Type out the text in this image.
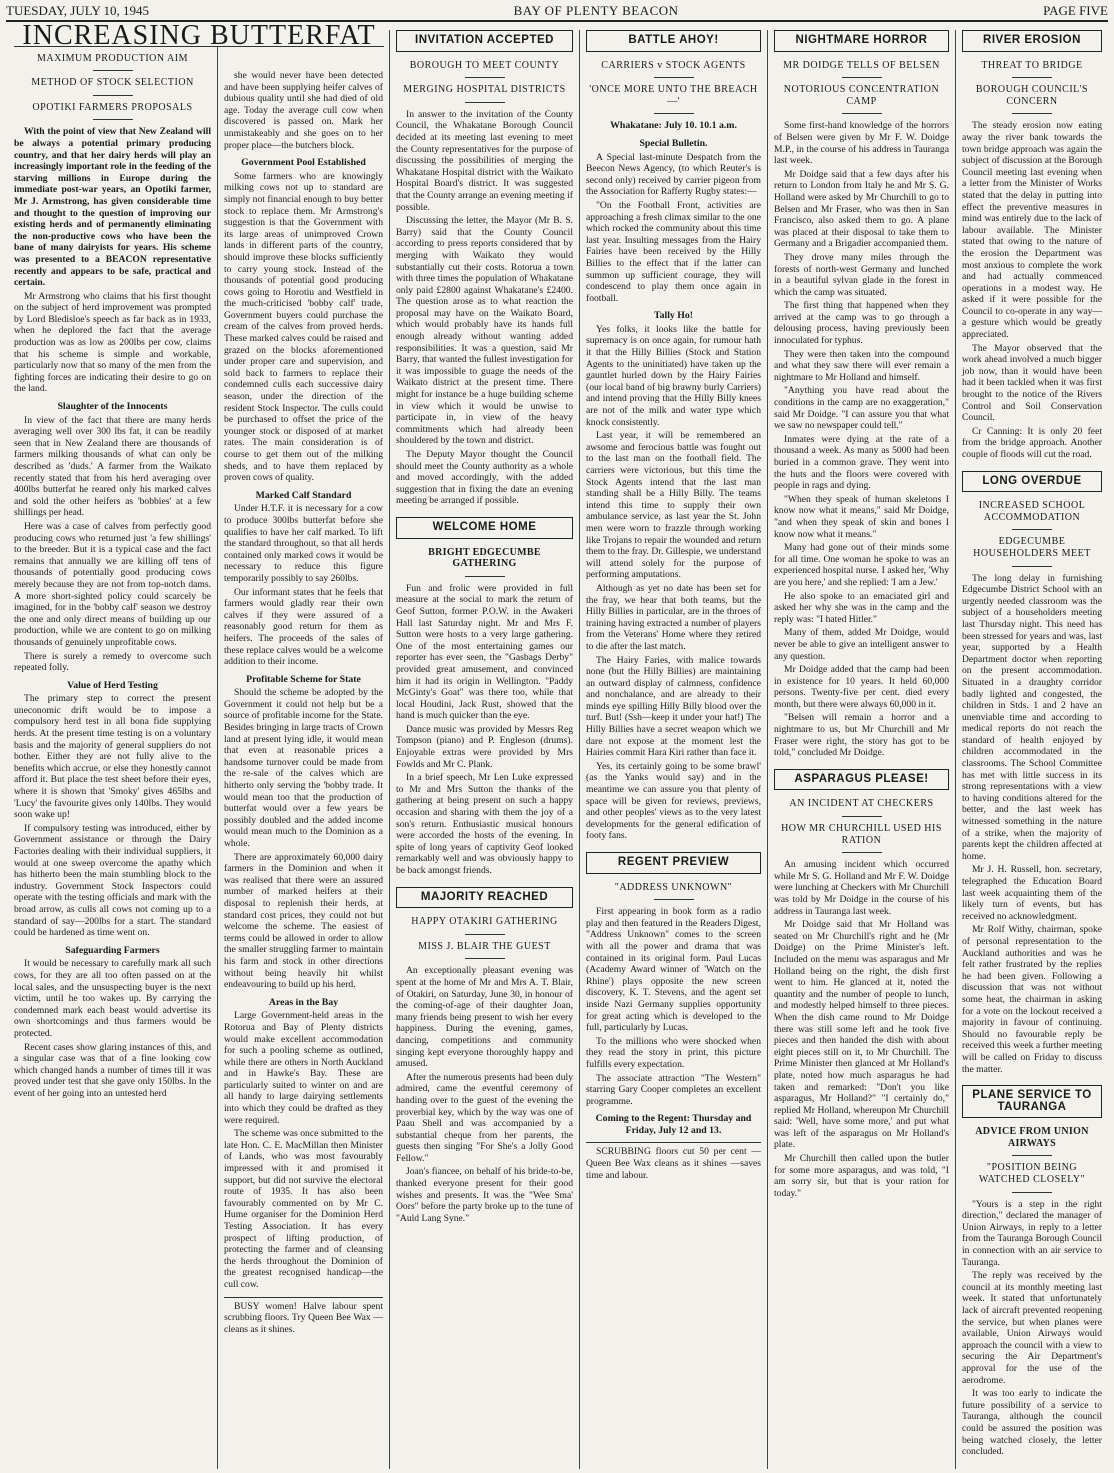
TUESDAY, JULY 10, 1945	BAY OF PLENTY BEACON	PAGE FIVE
INCREASING BUTTERFAT
MAXIMUM PRODUCTION AIM
METHOD OF STOCK SELECTION
OPOTIKI FARMERS PROPOSALS

With the point of view that New Zealand will be always a potential primary producing country, and that her dairy herds will play an increasingly important role in the feeding of the starving millions in Europe during the immediate post-war years, an Opotiki farmer, Mr J. Armstrong, has given considerable time and thought to the question of improving our existing herds and of permanently eliminating the non-productive cows who have been the bane of many dairyists for years. His scheme was presented to a BEACON representative recently and appears to be safe, practical and certain.

Mr Armstrong who claims that his first thought on the subject of herd improvement was prompted by Lord Bledisloe's speech as far back as in 1933, when he deplored the fact that the average production was as low as 200lbs per cow, claims that his scheme is simple and workable, particularly now that so many of the men from the fighting forces are indicating their desire to go on the land.

Slaughter of the Innocents

In view of the fact that there are many herds averaging well over 300 lbs fat, it can be readily seen that in New Zealand there are thousands of farmers milking thousands of what can only be described as 'duds.' A farmer from the Waikato recently stated that from his herd averaging over 400lbs butterfat he reared only his marked calves and sold the other heifers as 'bobbies' at a few shillings per head.

Here was a case of calves from perfectly good producing cows who returned just 'a few shillings' to the breeder. But it is a typical case and the fact remains that annually we are killing off tens of thousands of potentially good producing cows merely because they are not from top-notch dams. A more short-sighted policy could scarcely be imagined, for in the 'bobby calf' season we destroy the one and only direct means of building up our production, while we are content to go on milking thousands of genuinely unprofitable cows.

There is surely a remedy to overcome such repeated folly.

Value of Herd Testing

The primary step to correct the present uneconomic drift would be to impose a compulsory herd test in all bona fide supplying herds. At the present time testing is on a voluntary basis and the majority of general suppliers do not bother. Either they are not fully alive to the benefits which accrue, or else they honestly cannot afford it. But place the test sheet before their eyes, where it is shown that 'Smoky' gives 465lbs and 'Lucy' the favourite gives only 140lbs. They would soon wake up!

If compulsory testing was introduced, either by Government assistance or through the Dairy Factories dealing with their individual suppliers, it would at one sweep overcome the apathy which has hitherto been the main stumbling block to the industry. Government Stock Inspectors could operate with the testing officials and mark with the broad arrow, as culls all cows not coming up to a standard of say—200lbs for a start. The standard could be hardened as time went on.

Safeguarding Farmers

It would be necessary to carefully mark all such cows, for they are all too often passed on at the local sales, and the unsuspecting buyer is the next victim, until he too wakes up. By carrying the condemned mark each beast would advertise its own shortcomings and thus farmers would be protected.

Recent cases show glaring instances of this, and a singular case was that of a fine looking cow which changed hands a number of times till it was proved under test that she gave only 150lbs. In the event of her going into an untested herd

she would never have been detected and have been supplying heifer calves of dubious quality until she had died of old age. Today the average cull cow when discovered is passed on. Mark her unmistakeably and she goes on to her proper place—the butchers block.

Government Pool Established

Some farmers who are knowingly milking cows not up to standard are simply not financial enough to buy better stock to replace them. Mr Armstrong's suggestion is that the Government with its large areas of unimproved Crown lands in different parts of the country, should improve these blocks sufficiently to carry young stock. Instead of the thousands of potential good producing cows going to Horotiu and Westfield in the much-criticised 'bobby calf' trade, Government buyers could purchase the cream of the calves from proved herds. These marked calves could be raised and grazed on the blocks aforementioned under proper care and supervision, and sold back to farmers to replace their condemned culls each successive dairy season, under the direction of the resident Stock Inspector. The culls could be purchased to offset the price of the younger stock or disposed of at market rates. The main consideration is of course to get them out of the milking sheds, and to have them replaced by proven cows of quality.

Marked Calf Standard

Under H.T.F. it is necessary for a cow to produce 300lbs butterfat before she qualifies to have her calf marked. To lift the standard throughout, so that all herds contained only marked cows it would be necessary to reduce this figure temporarily possibly to say 260lbs.

Our informant states that he feels that farmers would gladly rear their own calves if they were assured of a reasonably good return for them as heifers. The proceeds of the sales of these replace calves would be a welcome addition to their income.

Profitable Scheme for State

Should the scheme be adopted by the Government it could not help but be a source of profitable income for the State. Besides bringing in large tracts of Crown land at present lying idle, it would mean that even at reasonable prices a handsome turnover could be made from the re-sale of the calves which are hitherto only serving the 'bobby trade. It would mean too that the production of butterfat would over a few years be possibly doubled and the added income would mean much to the Dominion as a whole.

There are approximately 60,000 dairy farmers in the Dominion and when it was realised that there were an assured number of marked heifers at their disposal to replenish their herds, at standard cost prices, they could not but welcome the scheme. The easiest of terms could be allowed in order to allow the smaller struggling farmer to maintain his farm and stock in other directions without being heavily hit whilst endeavouring to build up his herd.

Areas in the Bay

Large Government-held areas in the Rotorua and Bay of Plenty districts would make excellent accommodation for such a pooling scheme as outlined, while there are others in North Auckland and in Hawke's Bay. These are particularly suited to winter on and are all handy to large dairying settlements into which they could be drafted as they were required.

The scheme was once submitted to the late Hon. C. E. MacMillan then Minister of Lands, who was most favourably impressed with it and promised it support, but did not survive the electoral route of 1935. It has also been favourably commented on by Mr C. Hume organiser for the Dominion Herd Testing Association. It has every prospect of lifting production, of protecting the farmer and of cleansing the herds throughout the Dominion of the greatest recognised handicap—the cull cow.

BUSY women! Halve labour spent scrubbing floors. Try Queen Bee Wax —cleans as it shines.

INVITATION ACCEPTED
BOROUGH TO MEET COUNTY
MERGING HOSPITAL DISTRICTS

In answer to the invitation of the County Council, the Whakatane Borough Council decided at its meeting last evening to meet the County representatives for the purpose of discussing the possibilities of merging the Whakatane Hospital district with the Waikato Hospital Board's district. It was suggested that the County arrange an evening meeting if possible.

Discussing the letter, the Mayor (Mr B. S. Barry) said that the County Council according to press reports considered that by merging with Waikato they would substantially cut their costs. Rotorua a town with three times the population of Whakatane only paid £2800 against Whakatane's £2400. The question arose as to what reaction the proposal may have on the Waikato Board, which would probably have its hands full enough already without wanting added responsibilities. It was a question, said Mr Barry, that wanted the fullest investigation for it was impossible to guage the needs of the Waikato district at the present time. There might for instance be a huge building scheme in view which it would be unwise to participate in, in view of the heavy commitments which had already been shouldered by the town and district.

The Deputy Mayor thought the Council should meet the County authority as a whole and moved accordingly, with the added suggestion that in fixing the date an evening meeting be arranged if possible.

WELCOME HOME
BRIGHT EDGECUMBE GATHERING

Fun and frolic were provided in full measure at the social to mark the return of Geof Sutton, former P.O.W. in the Awakeri Hall last Saturday night. Mr and Mrs F. Sutton were hosts to a very large gathering. One of the most entertaining games our reporter has ever seen, the "Gasbags Derby" provided great amusement, and convinced him it had its origin in Wellington. "Paddy McGinty's Goat" was there too, while that local Houdini, Jack Rust, showed that the hand is much quicker than the eye.

Dance music was provided by Messrs Reg Tompson (piano) and P. Engleson (drums). Enjoyable extras were provided by Mrs Fowlds and Mr C. Plank.

In a brief speech, Mr Len Luke expressed to Mr and Mrs Sutton the thanks of the gathering at being present on such a happy occasion and sharing with them the joy of a son's return. Enthusiastic musical honours were accorded the hosts of the evening. In spite of long years of captivity Geof looked remarkably well and was obviously happy to be back amongst friends.

MAJORITY REACHED
HAPPY OTAKIRI GATHERING
MISS J. BLAIR THE GUEST

An exceptionally pleasant evening was spent at the home of Mr and Mrs A. T. Blair, of Otakiri, on Saturday, June 30, in honour of the coming-of-age of their daughter Joan, many friends being present to wish her every happiness. During the evening, games, dancing, competitions and community singing kept everyone thoroughly happy and amused.

After the numerous presents had been duly admired, came the eventful ceremony of handing over to the guest of the evening the proverbial key, which by the way was one of Paau Shell and was accompanied by a substantial cheque from her parents, the guests then singing "For She's a Jolly Good Fellow."

Joan's fiancee, on behalf of his bride-to-be, thanked everyone present for their good wishes and presents. It was the "Wee Sma' Oors" before the party broke up to the tune of "Auld Lang Syne."

BATTLE AHOY!
CARRIERS v STOCK AGENTS
'ONCE MORE UNTO THE BREACH—'
Whakatane: July 10. 10.1 a.m.
Special Bulletin.

A Special last-minute Despatch from the Beecon News Agency, (to which Reuter's is second only) received by carrier pigeon from the Association for Rafferty Rugby states:—

"On the Football Front, activities are approaching a fresh climax similar to the one which rocked the community about this time last year. Insulting messages from the Hairy Fairies have been received by the Hilly Billies to the effect that if the latter can summon up sufficient courage, they will condescend to play them once again in football.

Tally Ho!

Yes folks, it looks like the battle for supremacy is on once again, for rumour hath it that the Hilly Billies (Stock and Station Agents to the uninitiated) have taken up the gauntlet hurled down by the Hairy Fairies (our local band of big brawny burly Carriers) and intend proving that the Hilly Billy knees are not of the milk and water type which knock consistently.

Last year, it will be remembered an awsome and ferocious battle was fought out to the last man on the football field. The carriers were victorious, but this time the Stock Agents intend that the last man standing shall be a Hilly Billy. The teams intend this time to supply their own ambulance service, as last year the St. John men were worn to frazzle through working like Trojans to repair the wounded and return them to the fray. Dr. Gillespie, we understand will attend solely for the purpose of performing amputations.

Although as yet no date has been set for the fray, we hear that both teams, but the Hilly Billies in particular, are in the throes of training having extracted a number of players from the Veterans' Home where they retired to die after the last match.

The Hairy Faries, with malice towards none (but the Hilly Billies) are maintaining an outward display of calmness, confidence and nonchalance, and are already to their minds eye spilling Hilly Billy blood over the turf. But! (Ssh—keep it under your hat!) The Hilly Billies have a secret weapon which we dare not expose at the moment lest the Hairies commit Hara Kiri rather than face it.

Yes, its certainly going to be some brawl' (as the Yanks would say) and in the meantime we can assure you that plenty of space will be given for reviews, previews, and other peoples' views as to the very latest developments for the general edification of footy fans.

REGENT PREVIEW
"ADDRESS UNKNOWN"

First appearing in book form as a radio play and then featured in the Readers Digest, "Address Unknown" comes to the screen with all the power and drama that was contained in its original form. Paul Lucas (Academy Award winner of 'Watch on the Rhine') plays opposite the new screen discovery, K. T. Stevens, and the agent set inside Nazi Germany supplies opportunity for great acting which is developed to the full, particularly by Lucas.

To the millions who were shocked when they read the story in print, this picture fulfills every expectation.

The associate attraction "The Western" starring Gary Cooper completes an excellent programme.

Coming to the Regent: Thursday and Friday, July 12 and 13.

SCRUBBING floors cut 50 per cent —Queen Bee Wax cleans as it shines —saves time and labour.

NIGHTMARE HORROR
MR DOIDGE TELLS OF BELSEN
NOTORIOUS CONCENTRATION CAMP

Some first-hand knowledge of the horrors of Belsen were given by Mr F. W. Doidge M.P., in the course of his address in Tauranga last week.

Mr Doidge said that a few days after his return to London from Italy he and Mr S. G. Holland were asked by Mr Churchill to go to Belsen and Mr Fraser, who was then in San Francisco, also asked them to go. A plane was placed at their disposal to take them to Germany and a Brigadier accompanied them.

They drove many miles through the forests of north-west Germany and lunched in a beautiful sylvan glade in the forest in which the camp was situated.

The first thing that happened when they arrived at the camp was to go through a delousing process, having previously been innoculated for typhus.

They were then taken into the compound and what they saw there will ever remain a nightmare to Mr Holland and himself.

"Anything you have read about the conditions in the camp are no exaggeration," said Mr Doidge. "I can assure you that what we saw no newspaper could tell."

Inmates were dying at the rate of a thousand a week. As many as 5000 had been buried in a common grave. They went into the huts and the floors were covered with people in rags and dying.

"When they speak of human skeletons I know now what it means," said Mr Doidge, "and when they speak of skin and bones I know now what it means."

Many had gone out of their minds some for all time. One woman he spoke to was an experienced hospital nurse. I asked her, 'Why are you here,' and she replied: 'I am a Jew.'

He also spoke to an emaciated girl and asked her why she was in the camp and the reply was: "I hated Hitler."

Many of them, added Mr Doidge, would never be able to give an intelligent answer to any question.

Mr Doidge added that the camp had been in existence for 10 years. It held 60,000 persons. Twenty-five per cent. died every month, but there were always 60,000 in it.

"Belsen will remain a horror and a nightmare to us, but Mr Churchill and Mr Fraser were right, the story has got to be told," concluded Mr Doidge.

ASPARAGUS PLEASE!
AN INCIDENT AT CHECKERS
HOW MR CHURCHILL USED HIS RATION

An amusing incident which occurred while Mr S. G. Holland and Mr F. W. Doidge were lunching at Checkers with Mr Churchill was told by Mr Doidge in the course of his address in Tauranga last week.

Mr Doidge said that Mr Holland was seated on Mr Churchill's right and he (Mr Doidge) on the Prime Minister's left. Included on the menu was asparagus and Mr Holland being on the right, the dish first went to him. He glanced at it, noted the quantity and the number of people to lunch, and modestly helped himself to three pieces. When the dish came round to Mr Doidge there was still some left and he took five pieces and then handed the dish with about eight pieces still on it, to Mr Churchill. The Prime Minister then glanced at Mr Holland's plate, noted how much asparagus he had taken and remarked: "Don't you like asparagus, Mr Holland?" "I certainly do," replied Mr Holland, whereupon Mr Churchill said: 'Well, have some more,' and put what was left of the asparagus on Mr Holland's plate.

Mr Churchill then called upon the butler for some more asparagus, and was told, "I am sorry sir, but that is your ration for today."

RIVER EROSION
THREAT TO BRIDGE
BOROUGH COUNCIL'S CONCERN

The steady erosion now eating away the river bank towards the town bridge approach was again the subject of discussion at the Borough Council meeting last evening when a letter from the Minister of Works stated that the delay in putting into effect the preventive measures in mind was entirely due to the lack of labour available. The Minister stated that owing to the nature of the erosion the Department was most anxious to complete the work and had actually commenced operations in a modest way. He asked if it were possible for the Council to co-operate in any way—a gesture which would be greatly appreciated.

The Mayor observed that the work ahead involved a much bigger job now, than it would have been had it been tackled when it was first brought to the notice of the Rivers Control and Soil Conservation Council.

Cr Canning: It is only 20 feet from the bridge approach. Another couple of floods will cut the road.

LONG OVERDUE
INCREASED SCHOOL ACCOMMODATION
EDGECUMBE HOUSEHOLDERS MEET

The long delay in furnishing Edgecumbe District School with an urgently needed classroom was the subject of a householders meeting last Thursday night. This need has been stressed for years and was, last year, supported by a Health Department doctor when reporting on the present accommodation. Situated in a draughty corridor badly lighted and congested, the children in Stds. 1 and 2 have an unenviable time and according to medical reports do not reach the standard of health enjoyed by children accommodated in the classrooms. The School Committee has met with little success in its strong representations with a view to having conditions altered for the better, and the last week has witnessed something in the nature of a strike, when the majority of parents kept the children affected at home.

Mr J. H. Russell, hon. secretary, telegraphed the Education Board last week acquainting them of the likely turn of events, but has received no acknowledgment.

Mr Rolf Withy, chairman, spoke of personal representation to the Auckland authorities and was he felt rather frustrated by the replies he had been given. Following a discussion that was not without some heat, the chairman in asking for a vote on the lockout received a majority in favour of continuing. Should no favourable reply be received this week a further meeting will be called on Friday to discuss the matter.

PLANE SERVICE TO TAURANGA
ADVICE FROM UNION AIRWAYS
"POSITION BEING WATCHED CLOSELY"

"Yours is a step in the right direction," declared the manager of Union Airways, in reply to a letter from the Tauranga Borough Council in connection with an air service to Tauranga.

The reply was received by the council at its monthly meeting last week. It stated that unfortunately lack of aircraft prevented reopening the service, but when planes were available, Union Airways would approach the council with a view to securing the Air Department's approval for the use of the aerodrome.

It was too early to indicate the future possibility of a service to Tauranga, although the council could be assured the position was being watched closely, the letter concluded.
